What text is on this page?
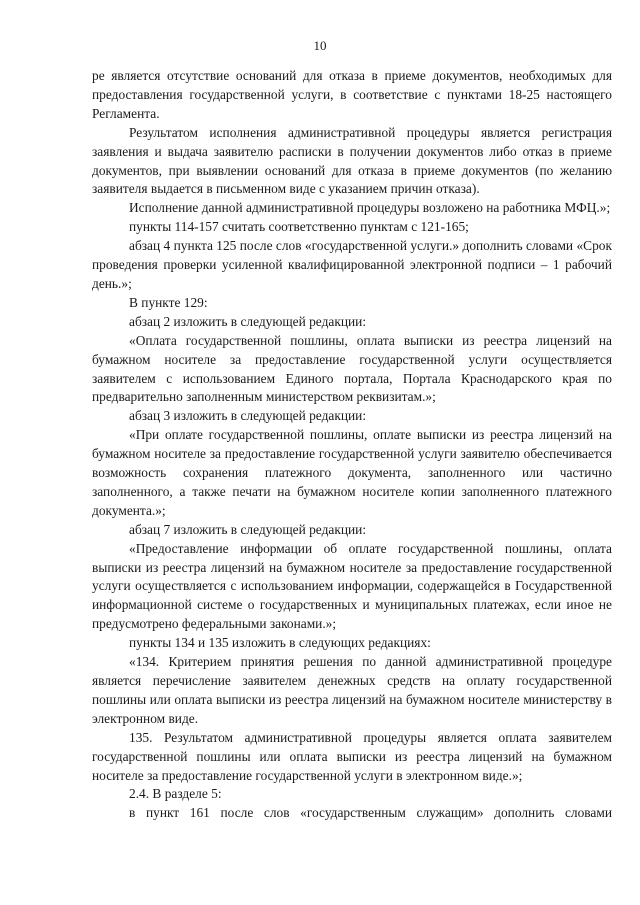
10

ре является отсутствие оснований для отказа в приеме документов, необходимых для предоставления государственной услуги, в соответствие с пунктами 18-25 настоящего Регламента.

Результатом исполнения административной процедуры является регистрация заявления и выдача заявителю расписки в получении документов либо отказ в приеме документов, при выявлении оснований для отказа в приеме документов (по желанию заявителя выдается в письменном виде с указанием причин отказа).

Исполнение данной административной процедуры возложено на работника МФЦ.»;

пункты 114-157 считать соответственно пунктам с 121-165;

абзац 4 пункта 125 после слов «государственной услуги.» дополнить словами «Срок проведения проверки усиленной квалифицированной электронной подписи – 1 рабочий день.»;

В пункте 129:

абзац 2 изложить в следующей редакции:

«Оплата государственной пошлины, оплата выписки из реестра лицензий на бумажном носителе за предоставление государственной услуги осуществляется заявителем с использованием Единого портала, Портала Краснодарского края по предварительно заполненным министерством реквизитам.»;

абзац 3 изложить в следующей редакции:

«При оплате государственной пошлины, оплате выписки из реестра лицензий на бумажном носителе за предоставление государственной услуги заявителю обеспечивается возможность сохранения платежного документа, заполненного или частично заполненного, а также печати на бумажном носителе копии заполненного платежного документа.»;

абзац 7 изложить в следующей редакции:

«Предоставление информации об оплате государственной пошлины, оплата выписки из реестра лицензий на бумажном носителе за предоставление государственной услуги осуществляется с использованием информации, содержащейся в Государственной информационной системе о государственных и муниципальных платежах, если иное не предусмотрено федеральными законами.»;

пункты 134 и 135 изложить в следующих редакциях:

«134. Критерием принятия решения по данной административной процедуре является перечисление заявителем денежных средств на оплату государственной пошлины или оплата выписки из реестра лицензий на бумажном носителе министерству в электронном виде.

135. Результатом административной процедуры является оплата заявителем государственной пошлины или оплата выписки из реестра лицензий на бумажном носителе за предоставление государственной услуги в электронном виде.»;

2.4. В разделе 5:

в пункт 161 после слов «государственным служащим» дополнить словами
